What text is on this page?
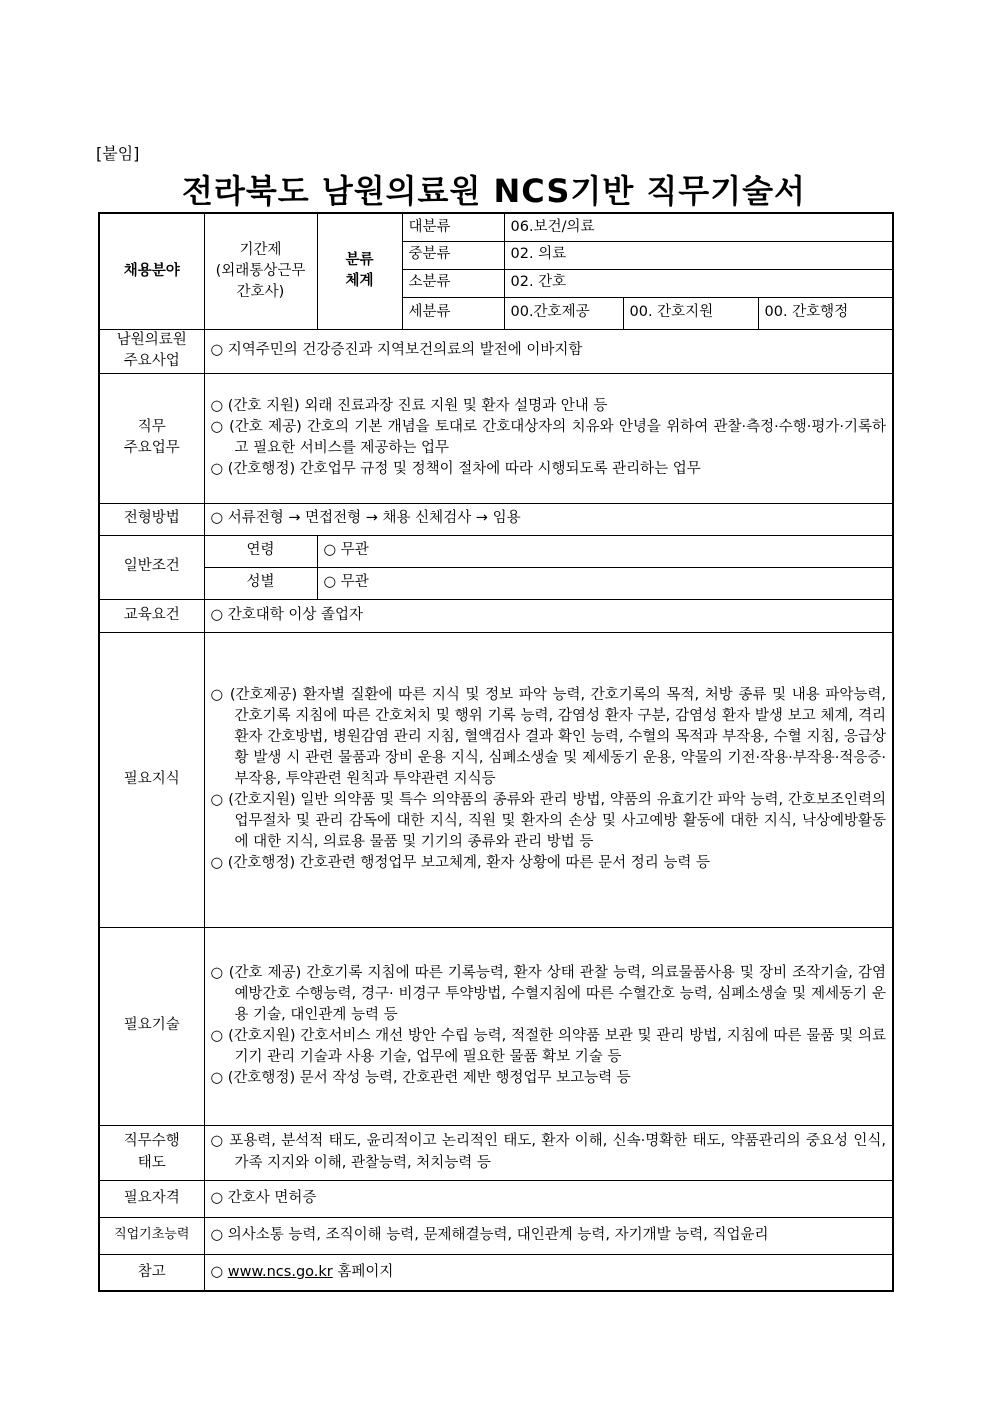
[붙임]
전라북도 남원의료원 NCS기반 직무기술서
채용분야	기간제
(외래통상근무
간호사)	분류
체계	대분류	06.보건/의료		
			중분류	02. 의료		
			소분류	02. 간호		
			세분류	00.간호제공	00. 간호지원	00. 간호행정
남원의료원
주요사업	○ 지역주민의 건강증진과 지역보건의료의 발전에 이바지함					
직무
주요업무	○ (간호 지원) 외래 진료과장 진료 지원 및 환자 설명과 안내 등
○ (간호 제공) 간호의 기본 개념을 토대로 간호대상자의 치유와 안녕을 위하여 관찰·측정·수행·평가·기록하고 필요한 서비스를 제공하는 업무
○ (간호행정) 간호업무 규정 및 정책이 절차에 따라 시행되도록 관리하는 업무					

전형방법	○ 서류전형 → 면접전형 → 채용 신체검사 → 임용					
일반조건	연령	○ 무관				
	성별	○ 무관				
교육요건	○ 간호대학 이상 졸업자					
필요지식	○ (간호제공) 환자별 질환에 따른 지식 및 정보 파악 능력, 간호기록의 목적, 처방 종류 및 내용 파악능력, 간호기록 지침에 따른 간호처치 및 행위 기록 능력, 감염성 환자 구분, 감염성 환자 발생 보고 체계, 격리환자 간호방법, 병원감염 관리 지침, 혈액검사 결과 확인 능력, 수혈의 목적과 부작용, 수혈 지침, 응급상황 발생 시 관련 물품과 장비 운용 지식, 심폐소생술 및 제세동기 운용, 약물의 기전·작용·부작용·적응증·부작용, 투약관련 원칙과 투약관련 지식등
○ (간호지원) 일반 의약품 및 특수 의약품의 종류와 관리 방법, 약품의 유효기간 파악 능력, 간호보조인력의 업무절차 및 관리 감독에 대한 지식, 직원 및 환자의 손상 및 사고예방 활동에 대한 지식, 낙상예방활동에 대한 지식, 의료용 물품 및 기기의 종류와 관리 방법 등
○ (간호행정) 간호관련 행정업무 보고체계, 환자 상황에 따른 문서 정리 능력 등					

필요기술	○ (간호 제공) 간호기록 지침에 따른 기록능력, 환자 상태 관찰 능력, 의료물품사용 및 장비 조작기술, 감염예방간호 수행능력, 경구· 비경구 투약방법, 수혈지침에 따른 수혈간호 능력, 심폐소생술 및 제세동기 운용 기술, 대인관계 능력 등
○ (간호지원) 간호서비스 개선 방안 수립 능력, 적절한 의약품 보관 및 관리 방법, 지침에 따른 물품 및 의료기기 관리 기술과 사용 기술, 업무에 필요한 물품 확보 기술 등
○ (간호행정) 문서 작성 능력, 간호관련 제반 행정업무 보고능력 등					

직무수행
태도	○ 포용력, 분석적 태도, 윤리적이고 논리적인 태도, 환자 이해, 신속·명확한 태도, 약품관리의 중요성 인식, 가족 지지와 이해, 관찰능력, 처치능력 등					

필요자격	○ 간호사 면허증					
직업기초능력	○ 의사소통 능력, 조직이해 능력, 문제해결능력, 대인관계 능력, 자기개발 능력, 직업윤리					
참고	○ www.ncs.go.kr 홈페이지					
